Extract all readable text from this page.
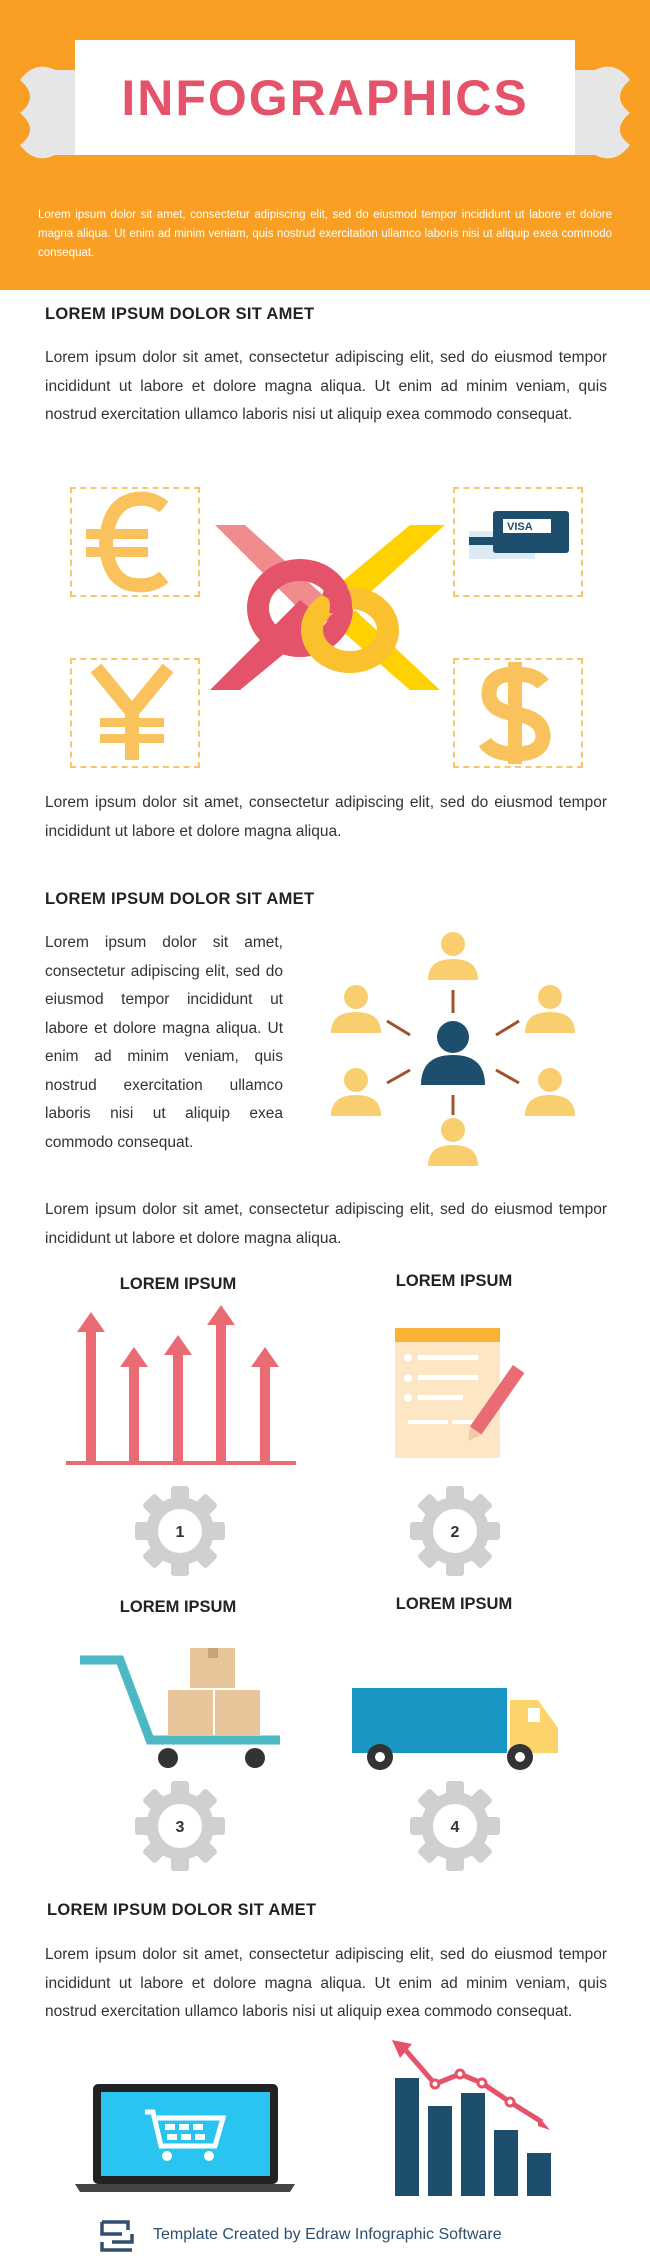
INFOGRAPHICS
Lorem ipsum dolor sit amet, consectetur adipiscing elit, sed do eiusmod tempor incididunt ut labore et dolore magna aliqua. Ut enim ad minim veniam, quis nostrud exercitation ullamco laboris nisi ut aliquip exea commodo consequat.
LOREM IPSUM DOLOR SIT AMET
Lorem ipsum dolor sit amet, consectetur adipiscing elit, sed do eiusmod tempor incididunt ut labore et dolore magna aliqua. Ut enim ad minim veniam, quis nostrud exercitation ullamco laboris nisi ut aliquip exea commodo consequat.
VISA
Lorem ipsum dolor sit amet, consectetur adipiscing elit, sed do eiusmod tempor incididunt ut labore et dolore magna aliqua.
LOREM IPSUM DOLOR SIT AMET
Lorem ipsum dolor sit amet, consectetur adipiscing elit, sed do eiusmod tempor incididunt ut labore et dolore magna aliqua. Ut enim ad minim veniam, quis nostrud exercitation ullamco laboris nisi ut aliquip exea commodo consequat.
Lorem ipsum dolor sit amet, consectetur adipiscing elit, sed do eiusmod tempor incididunt ut labore et dolore magna aliqua.
LOREM IPSUM	LOREM IPSUM
LOREM IPSUM	LOREM IPSUM
1	2
3	4
LOREM IPSUM DOLOR SIT AMET
Lorem ipsum dolor sit amet, consectetur adipiscing elit, sed do eiusmod tempor incididunt ut labore et dolore magna aliqua. Ut enim ad minim veniam, quis nostrud exercitation ullamco laboris nisi ut aliquip exea commodo consequat.
Template Created by Edraw Infographic Software
